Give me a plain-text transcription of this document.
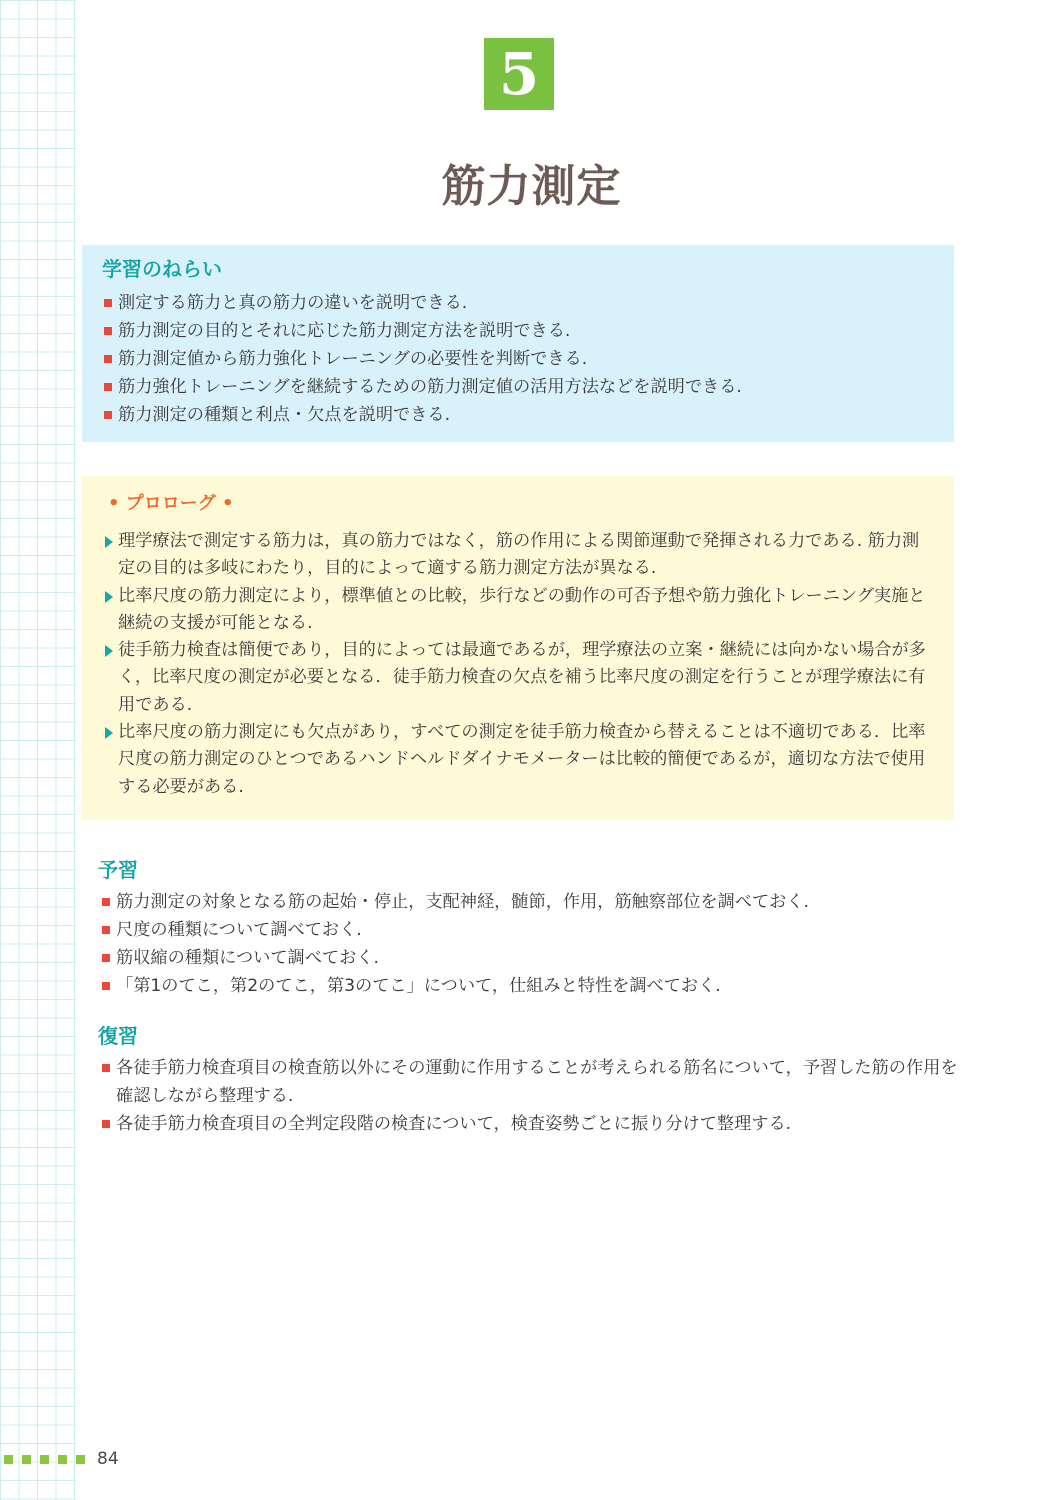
5
筋力測定
学習のねらい
測定する筋力と真の筋力の違いを説明できる.
筋力測定の目的とそれに応じた筋力測定方法を説明できる.
筋力測定値から筋力強化トレーニングの必要性を判断できる.
筋力強化トレーニングを継続するための筋力測定値の活用方法などを説明できる.
筋力測定の種類と利点・欠点を説明できる.
• プロローグ •
理学療法で測定する筋力は，真の筋力ではなく，筋の作用による関節運動で発揮される力である. 筋力測定の目的は多岐にわたり，目的によって適する筋力測定方法が異なる.
比率尺度の筋力測定により，標準値との比較，歩行などの動作の可否予想や筋力強化トレーニング実施と継続の支援が可能となる.
徒手筋力検査は簡便であり，目的によっては最適であるが，理学療法の立案・継続には向かない場合が多く，比率尺度の測定が必要となる．徒手筋力検査の欠点を補う比率尺度の測定を行うことが理学療法に有用である.
比率尺度の筋力測定にも欠点があり，すべての測定を徒手筋力検査から替えることは不適切である．比率尺度の筋力測定のひとつであるハンドヘルドダイナモメーターは比較的簡便であるが，適切な方法で使用する必要がある.
予習
筋力測定の対象となる筋の起始・停止，支配神経，髄節，作用，筋触察部位を調べておく.
尺度の種類について調べておく.
筋収縮の種類について調べておく.
「第1のてこ，第2のてこ，第3のてこ」について，仕組みと特性を調べておく.
復習
各徒手筋力検査項目の検査筋以外にその運動に作用することが考えられる筋名について，予習した筋の作用を確認しながら整理する.
各徒手筋力検査項目の全判定段階の検査について，検査姿勢ごとに振り分けて整理する.
84
